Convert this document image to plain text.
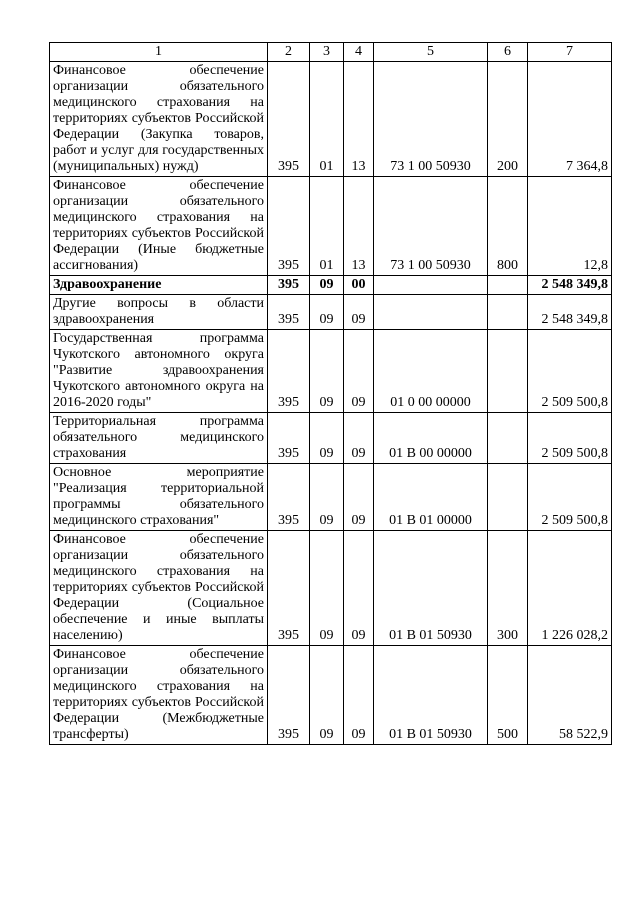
1	2	3	4	5	6	7
Финансовое обеспечение организации обязательного медицинского страхования на территориях субъектов Российской Федерации (Закупка товаров, работ и услуг для государственных (муниципальных) нужд)	395	01	13	73 1 00 50930	200	7 364,8
Финансовое обеспечение организации обязательного медицинского страхования на территориях субъектов Российской Федерации (Иные бюджетные ассигнования)	395	01	13	73 1 00 50930	800	12,8
Здравоохранение	395	09	00			2 548 349,8
Другие вопросы в области здравоохранения	395	09	09			2 548 349,8
Государственная программа Чукотского автономного округа "Развитие здравоохранения Чукотского автономного округа на 2016-2020 годы"	395	09	09	01 0 00 00000		2 509 500,8
Территориальная программа обязательного медицинского страхования	395	09	09	01 В 00 00000		2 509 500,8
Основное мероприятие "Реализация территориальной программы обязательного медицинского страхования"	395	09	09	01 В 01 00000		2 509 500,8
Финансовое обеспечение организации обязательного медицинского страхования на территориях субъектов Российской Федерации (Социальное обеспечение и иные выплаты населению)	395	09	09	01 В 01 50930	300	1 226 028,2
Финансовое обеспечение организации обязательного медицинского страхования на территориях субъектов Российской Федерации (Межбюджетные трансферты)	395	09	09	01 В 01 50930	500	58 522,9
